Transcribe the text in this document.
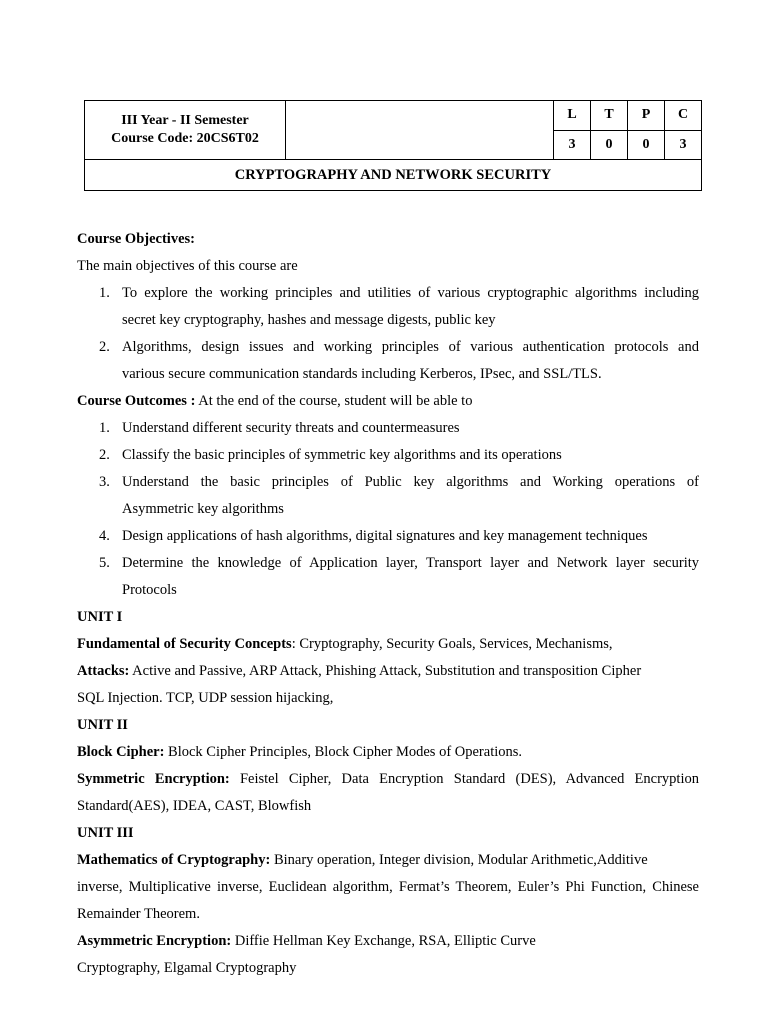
III Year - II Semester
Course Code: 20CS6T02		L	T	P	C
		3	0	0	3
CRYPTOGRAPHY AND NETWORK SECURITY					

Course Objectives:

The main objectives of this course are

1. To explore the working principles and utilities of various cryptographic algorithms including
secret key cryptography, hashes and message digests, public key
2. Algorithms, design issues and working principles of various authentication protocols and
various secure communication standards including Kerberos, IPsec, and SSL/TLS.

Course Outcomes : At the end of the course, student will be able to

1. Understand different security threats and countermeasures
2. Classify the basic principles of symmetric key algorithms and its operations
3. Understand the basic principles of Public key algorithms and Working operations of
Asymmetric key algorithms
4. Design applications of hash algorithms, digital signatures and key management techniques
5. Determine the knowledge of Application layer, Transport layer and Network layer security
Protocols

UNIT I

Fundamental of Security Concepts: Cryptography, Security Goals, Services, Mechanisms,

Attacks: Active and Passive, ARP Attack, Phishing Attack, Substitution and transposition Cipher

SQL Injection. TCP, UDP session hijacking,

UNIT II

Block Cipher: Block Cipher Principles, Block Cipher Modes of Operations.

Symmetric Encryption: Feistel Cipher, Data Encryption Standard (DES), Advanced Encryption

Standard(AES), IDEA, CAST, Blowfish

UNIT III

Mathematics of Cryptography: Binary operation, Integer division, Modular Arithmetic,Additive

inverse, Multiplicative inverse, Euclidean algorithm, Fermat’s Theorem, Euler’s Phi Function, Chinese

Remainder Theorem.

Asymmetric Encryption: Diffie Hellman Key Exchange, RSA, Elliptic Curve

Cryptography, Elgamal Cryptography
